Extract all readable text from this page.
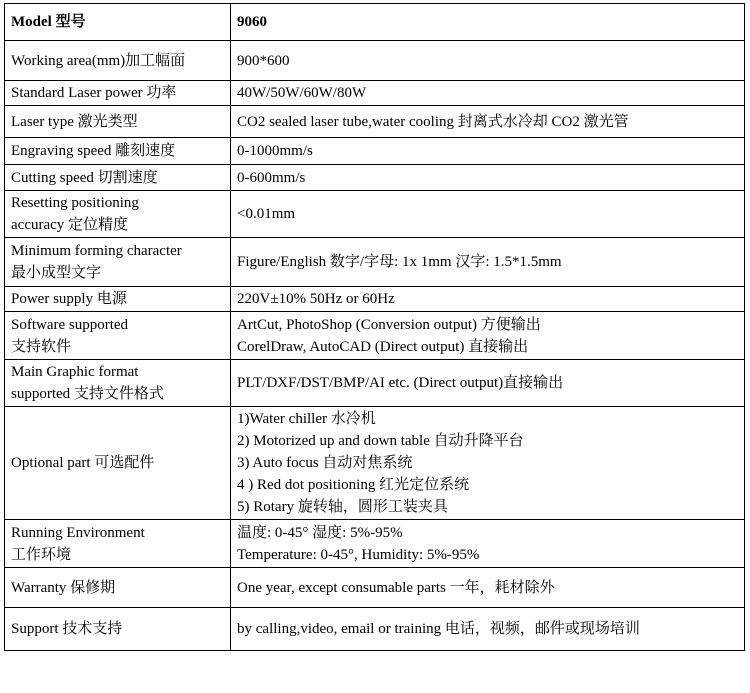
Model 型号	9060

Working area(mm)加工幅面	900*600

Standard Laser power 功率	40W/50W/60W/80W

Laser type 激光类型	CO2 sealed laser tube,water cooling 封离式水冷却 CO2 激光管

Engraving speed 雕刻速度	0-1000mm/s

Cutting speed 切割速度	0-600mm/s

Resetting positioning
accuracy 定位精度	<0.01mm

Minimum forming character
最小成型文字	Figure/English 数字/字母: 1x 1mm 汉字: 1.5*1.5mm

Power supply 电源	220V±10% 50Hz or 60Hz

Software supported
支持软件	ArtCut, PhotoShop (Conversion output) 方便输出
CorelDraw, AutoCAD (Direct output) 直接输出

Main Graphic format
supported 支持文件格式	PLT/DXF/DST/BMP/AI etc. (Direct output)直接输出

Optional part 可选配件	1)Water chiller 水冷机
2) Motorized up and down table 自动升降平台
3) Auto focus 自动对焦系统
4 ) Red dot positioning 红光定位系统
5) Rotary 旋转轴，圆形工装夹具

Running Environment
工作环境	温度: 0-45° 湿度: 5%-95%
Temperature: 0-45°, Humidity: 5%-95%

Warranty 保修期	One year, except consumable parts 一年，耗材除外

Support 技术支持	by calling,video, email or training 电话，视频，邮件或现场培训
